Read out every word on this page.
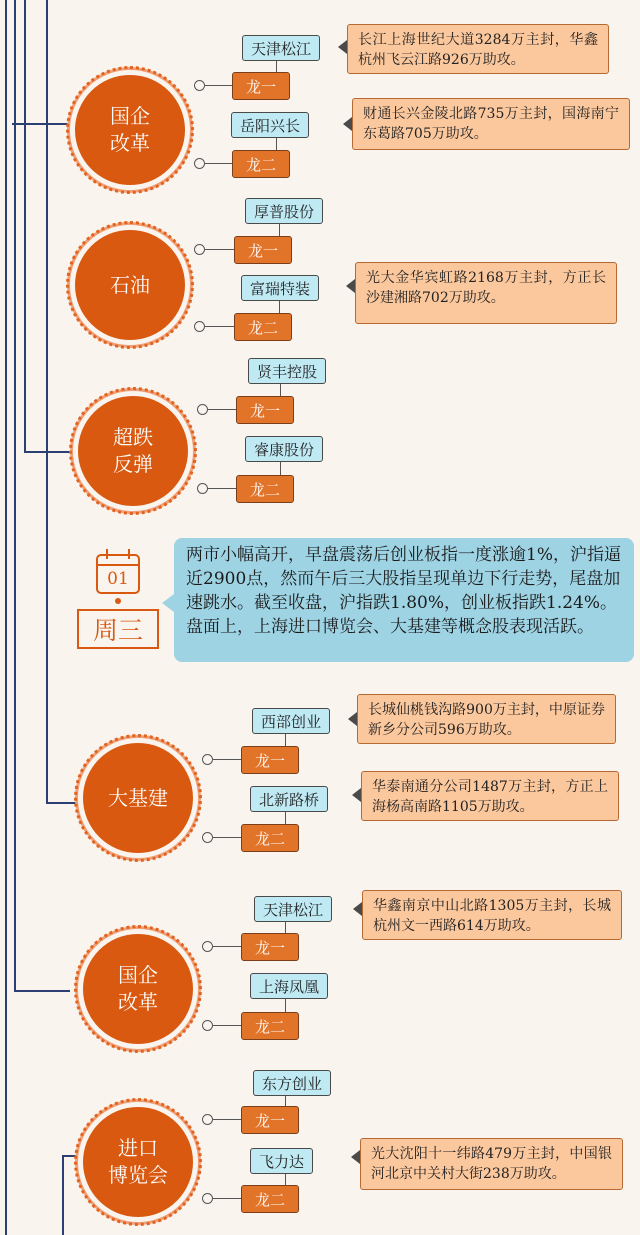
国企
改革
龙一
天津松江	长江上海世纪大道3284万主封，华鑫杭州飞云江路926万助攻。
龙二
岳阳兴长
财通长兴金陵北路735万主封，国海南宁东葛路705万助攻。
石油
龙一
厚普股份
龙二
富瑞特装
光大金华宾虹路2168万主封，方正长沙建湘路702万助攻。
超跌
反弹
龙一
贤丰控股
龙二
睿康股份
01
周三
两市小幅高开，早盘震荡后创业板指一度涨逾1%，沪指逼近2900点，然而午后三大股指呈现单边下行走势，尾盘加速跳水。截至收盘，沪指跌1.80%，创业板指跌1.24%。盘面上，上海进口博览会、大基建等概念股表现活跃。
大基建
龙一
西部创业
长城仙桃钱沟路900万主封，中原证券新乡分公司596万助攻。
龙二
北新路桥
华泰南通分公司1487万主封，方正上海杨高南路1105万助攻。
国企
改革
龙一
天津松江	华鑫南京中山北路1305万主封，长城杭州文一西路614万助攻。
龙二
上海凤凰
进口
博览会
龙一
东方创业
龙二
飞力达	光大沈阳十一纬路479万主封，中国银河北京中关村大街238万助攻。
